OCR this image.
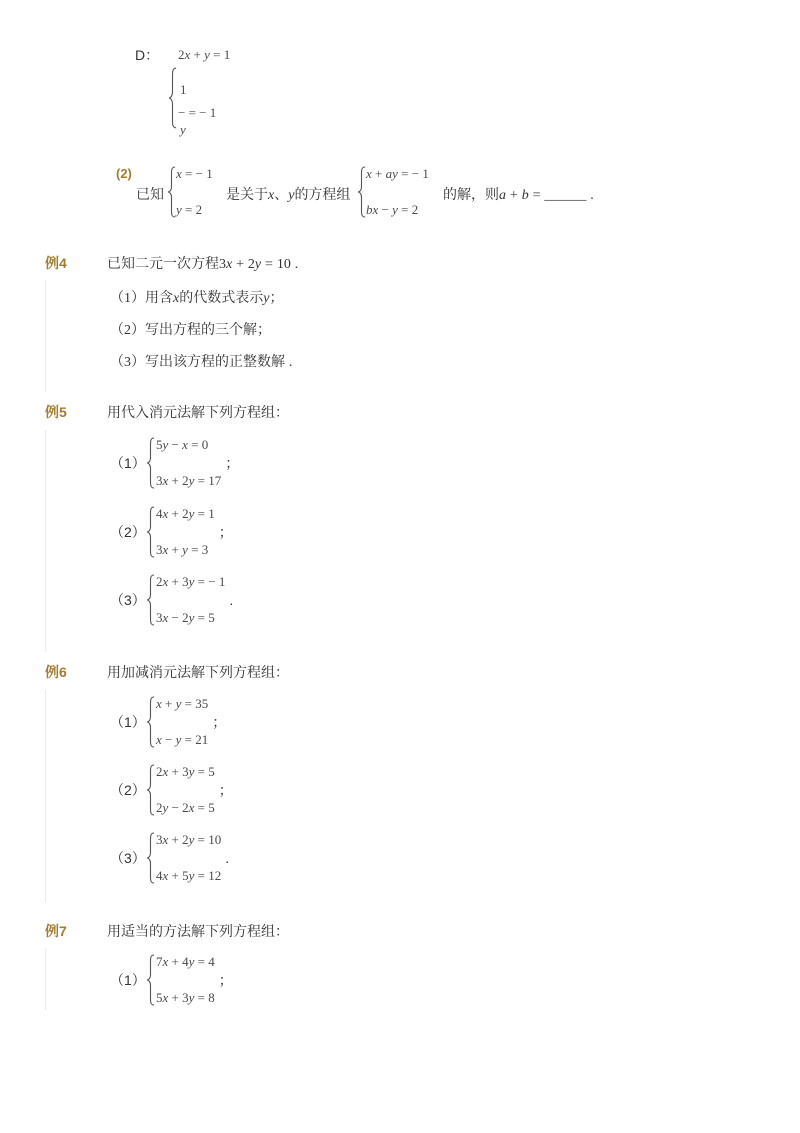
D： 2x + y = 1
1
− = − 1
y
(2)
已知
x = − 1
y = 2
是关于x、y的方程组
x + ay = − 1
bx − y = 2
的解，则a + b = ______ .
例4	已知二元一次方程3x + 2y = 10 .
（1）用含x的代数式表示y；
（2）写出方程的三个解；
（3）写出该方程的正整数解 .
例5	用代入消元法解下列方程组：
（1）
5y − x = 0
3x + 2y = 17
；
（2）
4x + 2y = 1
3x + y = 3
；
（3）
2x + 3y = − 1
3x − 2y = 5
.
例6	用加减消元法解下列方程组：
（1）
x + y = 35
x − y = 21
；
（2）
2x + 3y = 5
2y − 2x = 5
；
（3）
3x + 2y = 10
4x + 5y = 12
.
例7	用适当的方法解下列方程组：
（1）
7x + 4y = 4
5x + 3y = 8
；
